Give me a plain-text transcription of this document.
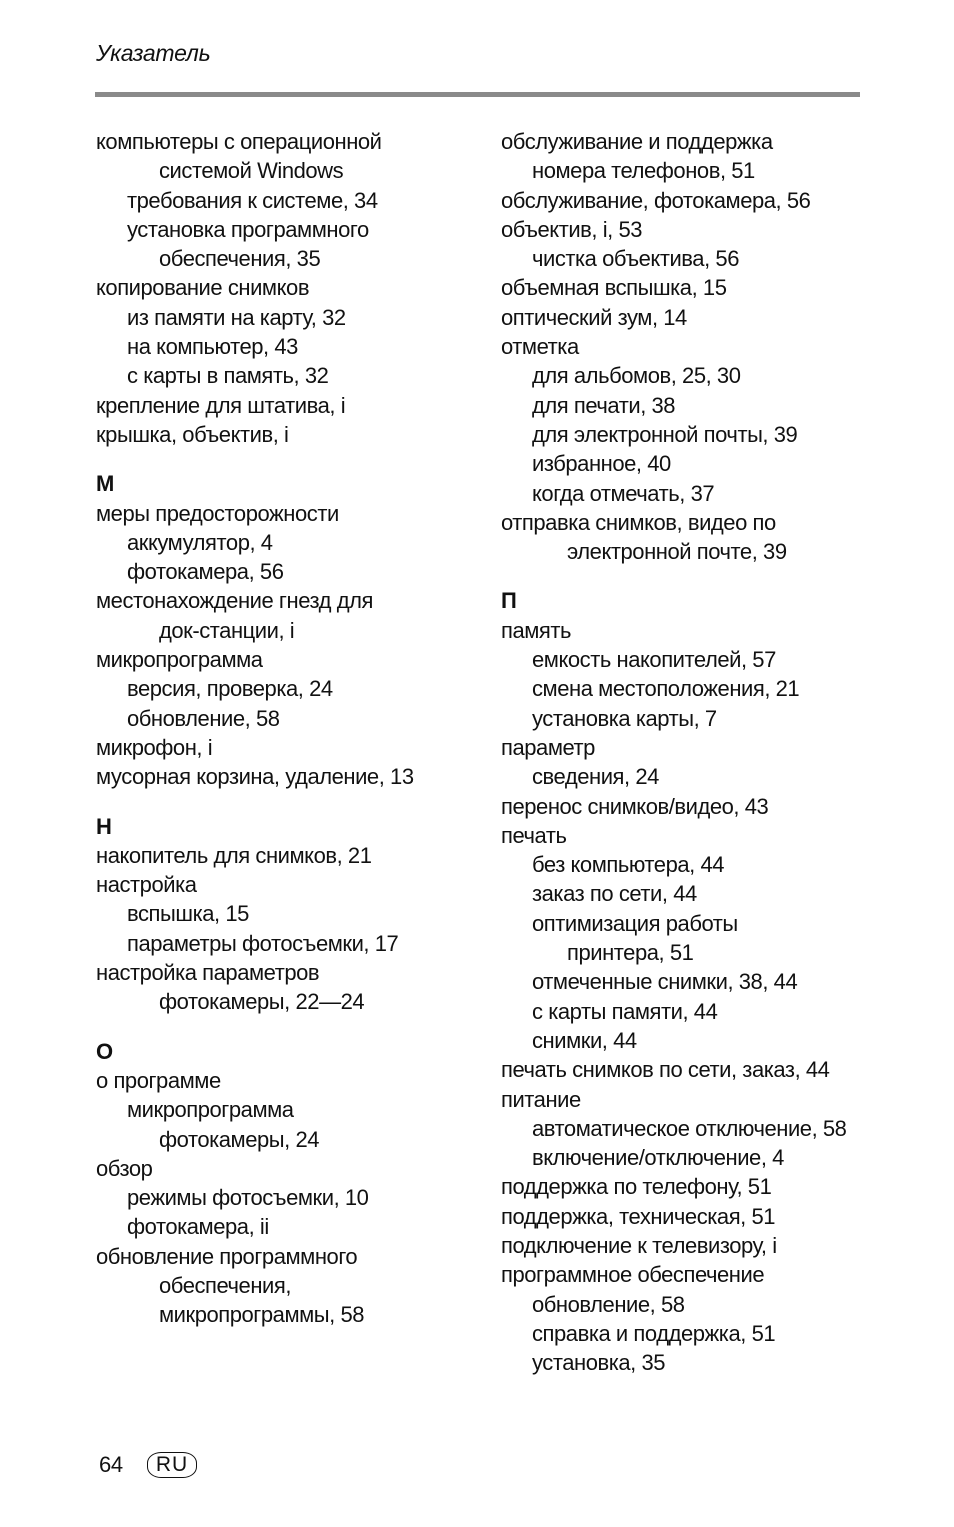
Указатель
компьютеры с операционной
системой Windows
требования к системе, 34
установка программного
обеспечения, 35
копирование снимков
из памяти на карту, 32
на компьютер, 43
с карты в память, 32
крепление для штатива, i
крышка, объектив, i
М
меры предосторожности
аккумулятор, 4
фотокамера, 56
местонахождение гнезд для
док-станции, i
микропрограмма
версия, проверка, 24
обновление, 58
микрофон, i
мусорная корзина, удаление, 13
Н
накопитель для снимков, 21
настройка
вспышка, 15
параметры фотосъемки, 17
настройка параметров
фотокамеры, 22—24
О
о программе
микропрограмма
фотокамеры, 24
обзор
режимы фотосъемки, 10
фотокамера, ii
обновление программного
обеспечения,
микропрограммы, 58
обслуживание и поддержка
номера телефонов, 51
обслуживание, фотокамера, 56
объектив, i, 53
чистка объектива, 56
объемная вспышка, 15
оптический зум, 14
отметка
для альбомов, 25, 30
для печати, 38
для электронной почты, 39
избранное, 40
когда отмечать, 37
отправка снимков, видео по
электронной почте, 39
П
память
емкость накопителей, 57
смена местоположения, 21
установка карты, 7
параметр
сведения, 24
перенос снимков/видео, 43
печать
без компьютера, 44
заказ по сети, 44
оптимизация работы
принтера, 51
отмеченные снимки, 38, 44
с карты памяти, 44
снимки, 44
печать снимков по сети, заказ, 44
питание
автоматическое отключение, 58
включение/отключение, 4
поддержка по телефону, 51
поддержка, техническая, 51
подключение к телевизору, i
программное обеспечение
обновление, 58
справка и поддержка, 51
установка, 35
64	RU
